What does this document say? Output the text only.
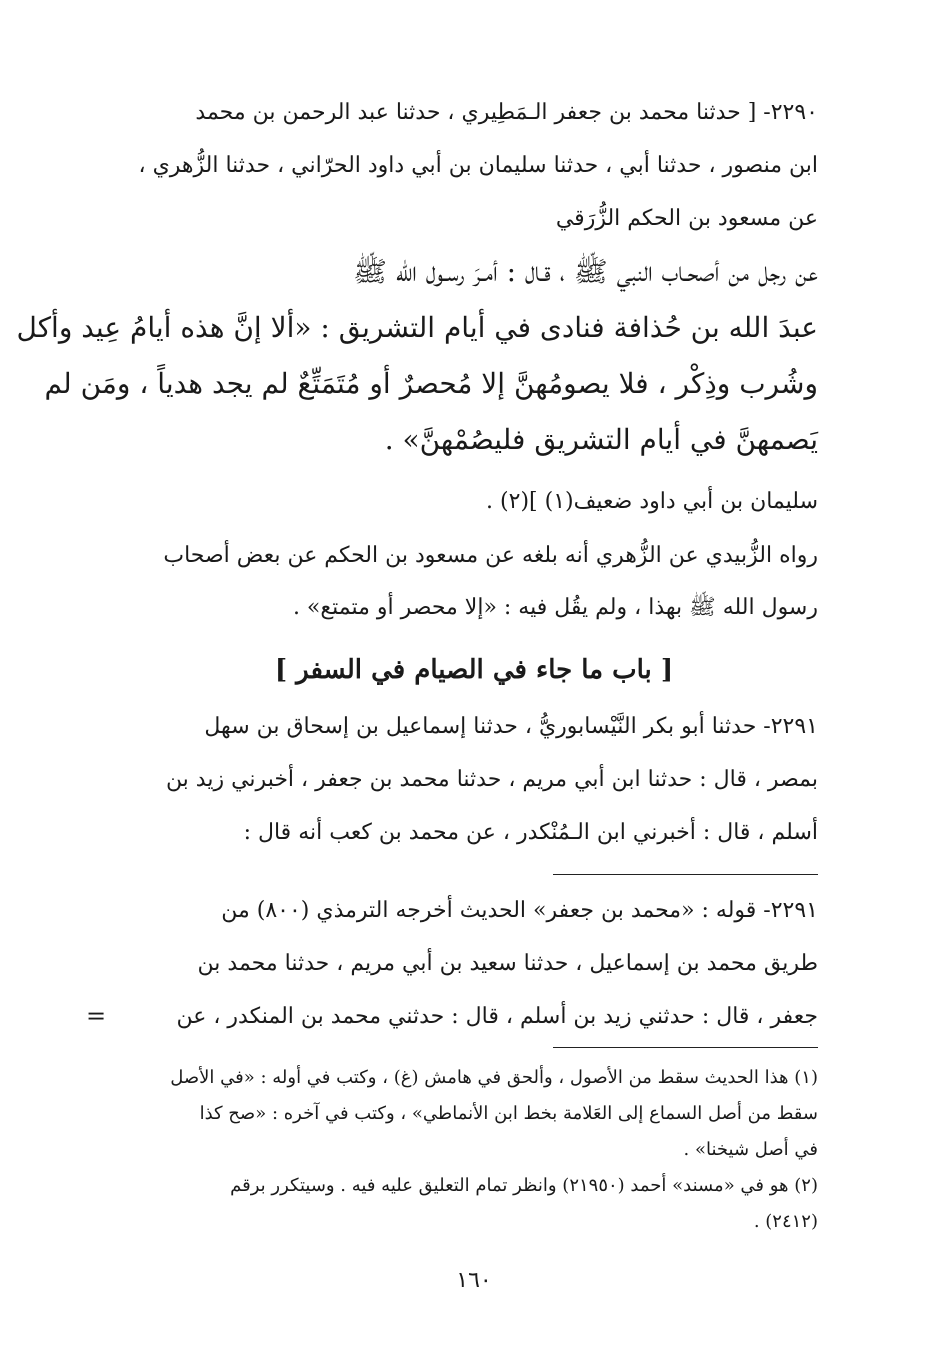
٢٢٩٠- [ حدثنا محمد بن جعفر الـمَطِيري ، حدثنا عبد الرحمن بن محمد
ابن منصور ، حدثنا أبي ، حدثنا سليمان بن أبي داود الحرّاني ، حدثنا الزُّهري ،
عن مسعود بن الحكم الزُّرَقي
عن رجل من أصحـاب النبي ﷺ ، قـال : أمـرَ رسـول الله ﷺ
عبدَ الله بن حُذافة فنادى في أيام التشريق : «ألا إنَّ هذه أيامُ عِيد وأكل
وشُرب وذِكْر ، فلا يصومُهنَّ إلا مُحصرٌ أو مُتَمَتِّعٌ لم يجد هدياً ، ومَن لم
يَصمهنَّ في أيام التشريق فليصُمْهنَّ» .
سليمان بن أبي داود ضعيف(١) ](٢) .
رواه الزُّبيدي عن الزُّهري أنه بلغه عن مسعود بن الحكم عن بعض أصحاب
رسول الله ﷺ بهذا ، ولم يقُل فيه : «إلا محصر أو متمتع» .
[ باب ما جاء في الصيام في السفر ]
٢٢٩١- حدثنا أبو بكر النَّيْسابوريُّ ، حدثنا إسماعيل بن إسحاق بن سهل
بمصر ، قال : حدثنا ابن أبي مريم ، حدثنا محمد بن جعفر ، أخبرني زيد بن
أسلم ، قال : أخبرني ابن الـمُنْكدر ، عن محمد بن كعب أنه قال :
٢٢٩١- قوله : «محمد بن جعفر» الحديث أخرجه الترمذي (٨٠٠) من
طريق محمد بن إسماعيل ، حدثنا سعيد بن أبي مريم ، حدثنا محمد بن
جعفر ، قال : حدثني زيد بن أسلم ، قال : حدثني محمد بن المنكدر ، عن
=
(١) هذا الحديث سقط من الأصول ، وألحق في هامش (غ) ، وكتب في أوله : «في الأصل
سقط من أصل السماع إلى العَلامة بخط ابن الأنماطي» ، وكتب في آخره : «صح كذا
في أصل شيخنا» .
(٢) هو في «مسند» أحمد (٢١٩٥٠) وانظر تمام التعليق عليه فيه . وسيتكرر برقم
(٢٤١٢) .
١٦٠
